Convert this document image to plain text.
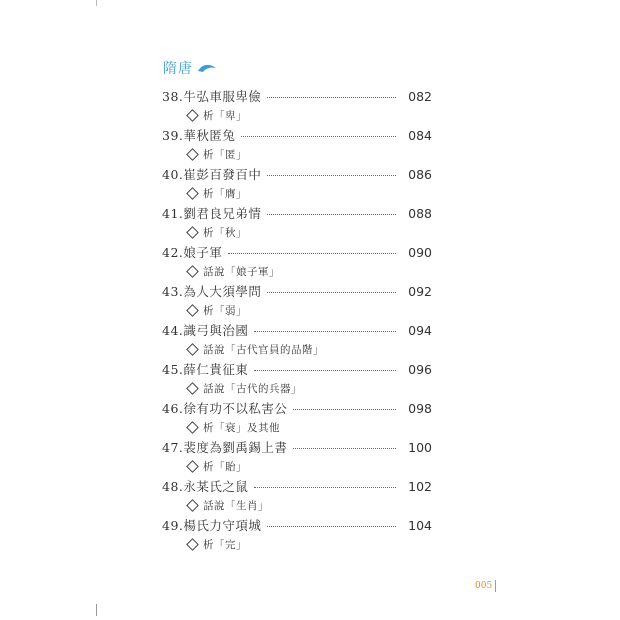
隋唐
38.牛弘車服卑儉	082
析「卑」
39.華秋匿兔	084
析「匿」
40.崔彭百發百中	086
析「膺」
41.劉君良兄弟情	088
析「秋」
42.娘子軍	090
話說「娘子軍」
43.為人大須學問	092
析「弱」
44.識弓與治國	094
話說「古代官員的品階」
45.薛仁貴征東	096
話說「古代的兵器」
46.徐有功不以私害公	098
析「衰」及其他
47.裴度為劉禹錫上書	100
析「貽」
48.永某氏之鼠	102
話說「生肖」
49.楊氏力守項城	104
析「完」
005
